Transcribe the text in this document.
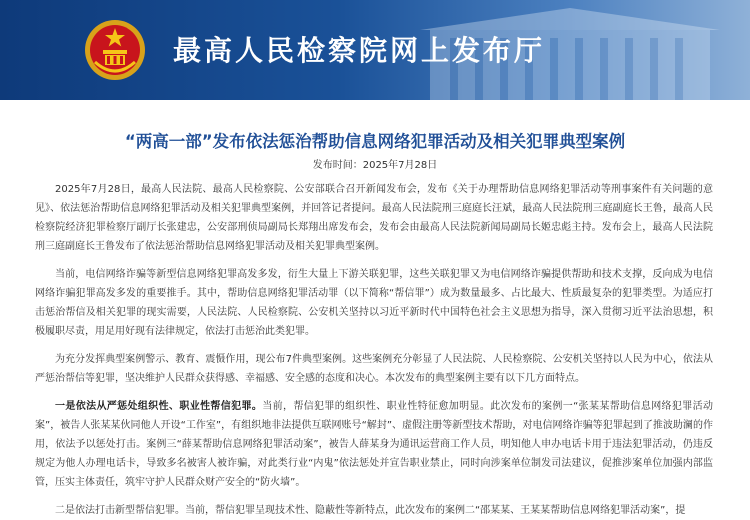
最高人民检察院网上发布厅
“两高一部”发布依法惩治帮助信息网络犯罪活动及相关犯罪典型案例
发布时间：2025年7月28日

2025年7月28日，最高人民法院、最高人民检察院、公安部联合召开新闻发布会，发布《关于办理帮助信息网络犯罪活动等刑事案件有关问题的意见》、依法惩治帮助信息网络犯罪活动及相关犯罪典型案例，并回答记者提问。最高人民法院刑三庭庭长汪斌，最高人民法院刑三庭副庭长王鲁，最高人民检察院经济犯罪检察厅副厅长张建忠，公安部刑侦局副局长郑翔出席发布会，发布会由最高人民法院新闻局副局长姬忠彪主持。发布会上，最高人民法院刑三庭副庭长王鲁发布了依法惩治帮助信息网络犯罪活动及相关犯罪典型案例。

当前，电信网络诈骗等新型信息网络犯罪高发多发，衍生大量上下游关联犯罪，这些关联犯罪又为电信网络诈骗提供帮助和技术支撑，反向成为电信网络诈骗犯罪高发多发的重要推手。其中，帮助信息网络犯罪活动罪（以下简称“帮信罪”）成为数量最多、占比最大、性质最复杂的犯罪类型。为适应打击惩治帮信及相关犯罪的现实需要，人民法院、人民检察院、公安机关坚持以习近平新时代中国特色社会主义思想为指导，深入贯彻习近平法治思想，积极履职尽责，用足用好现有法律规定，依法打击惩治此类犯罪。

为充分发挥典型案例警示、教育、震慑作用，现公布7件典型案例。这些案例充分彰显了人民法院、人民检察院、公安机关坚持以人民为中心，依法从严惩治帮信等犯罪，坚决维护人民群众获得感、幸福感、安全感的态度和决心。本次发布的典型案例主要有以下几方面特点。

一是依法从严惩处组织性、职业性帮信犯罪。当前，帮信犯罪的组织性、职业性特征愈加明显。此次发布的案例一“张某某帮助信息网络犯罪活动案”，被告人张某某伙同他人开设“工作室”，有组织地非法提供互联网账号“解封”、虚假注册等新型技术帮助，对电信网络诈骗等犯罪起到了推波助澜的作用，依法予以惩处打击。案例三“薛某帮助信息网络犯罪活动案”，被告人薛某身为通讯运营商工作人员，明知他人申办电话卡用于违法犯罪活动，仍违反规定为他人办理电话卡，导致多名被害人被诈骗，对此类行业“内鬼”依法惩处并宣告职业禁止，同时向涉案单位制发司法建议，促推涉案单位加强内部监管，压实主体责任，筑牢守护人民群众财产安全的“防火墙”。

二是依法打击新型帮信犯罪。当前，帮信犯罪呈现技术性、隐蔽性等新特点，此次发布的案例二“邵某某、王某某帮助信息网络犯罪活动案”，提
